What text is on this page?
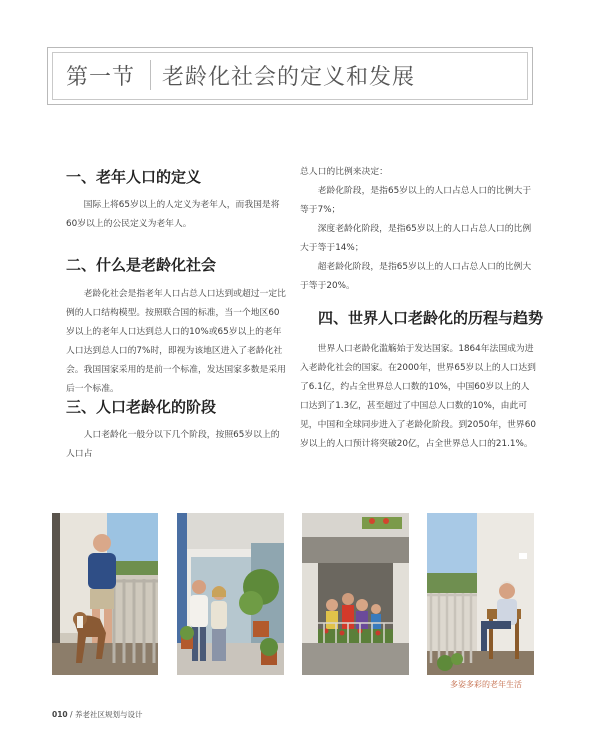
第一节 老龄化社会的定义和发展
一、老年人口的定义
国际上将65岁以上的人定义为老年人，而我国是将60岁以上的公民定义为老年人。
二、什么是老龄化社会
老龄化社会是指老年人口占总人口达到或超过一定比例的人口结构模型。按照联合国的标准，当一个地区60岁以上的老年人口达到总人口的10%或65岁以上的老年人口达到总人口的7%时，即视为该地区进入了老龄化社会。我国国家采用的是前一个标准，发达国家多数是采用后一个标准。
三、人口老龄化的阶段
人口老龄化一般分以下几个阶段，按照65岁以上的人口占
总人口的比例来决定：
老龄化阶段，是指65岁以上的人口占总人口的比例大于等于7%；
深度老龄化阶段，是指65岁以上的人口占总人口的比例大于等于14%；
超老龄化阶段，是指65岁以上的人口占总人口的比例大于等于20%。
四、世界人口老龄化的历程与趋势
世界人口老龄化滥觞始于发达国家。1864年法国成为进入老龄化社会的国家。在2000年，世界65岁以上的人口达到了6.1亿，约占全世界总人口数的10%，中国60岁以上的人口达到了1.3亿，甚至超过了中国总人口数的10%，由此可见，中国和全球同步进入了老龄化阶段。到2050年，世界60岁以上的人口预计将突破20亿，占全世界总人口的21.1%。
多姿多彩的老年生活
010 / 养老社区规划与设计
